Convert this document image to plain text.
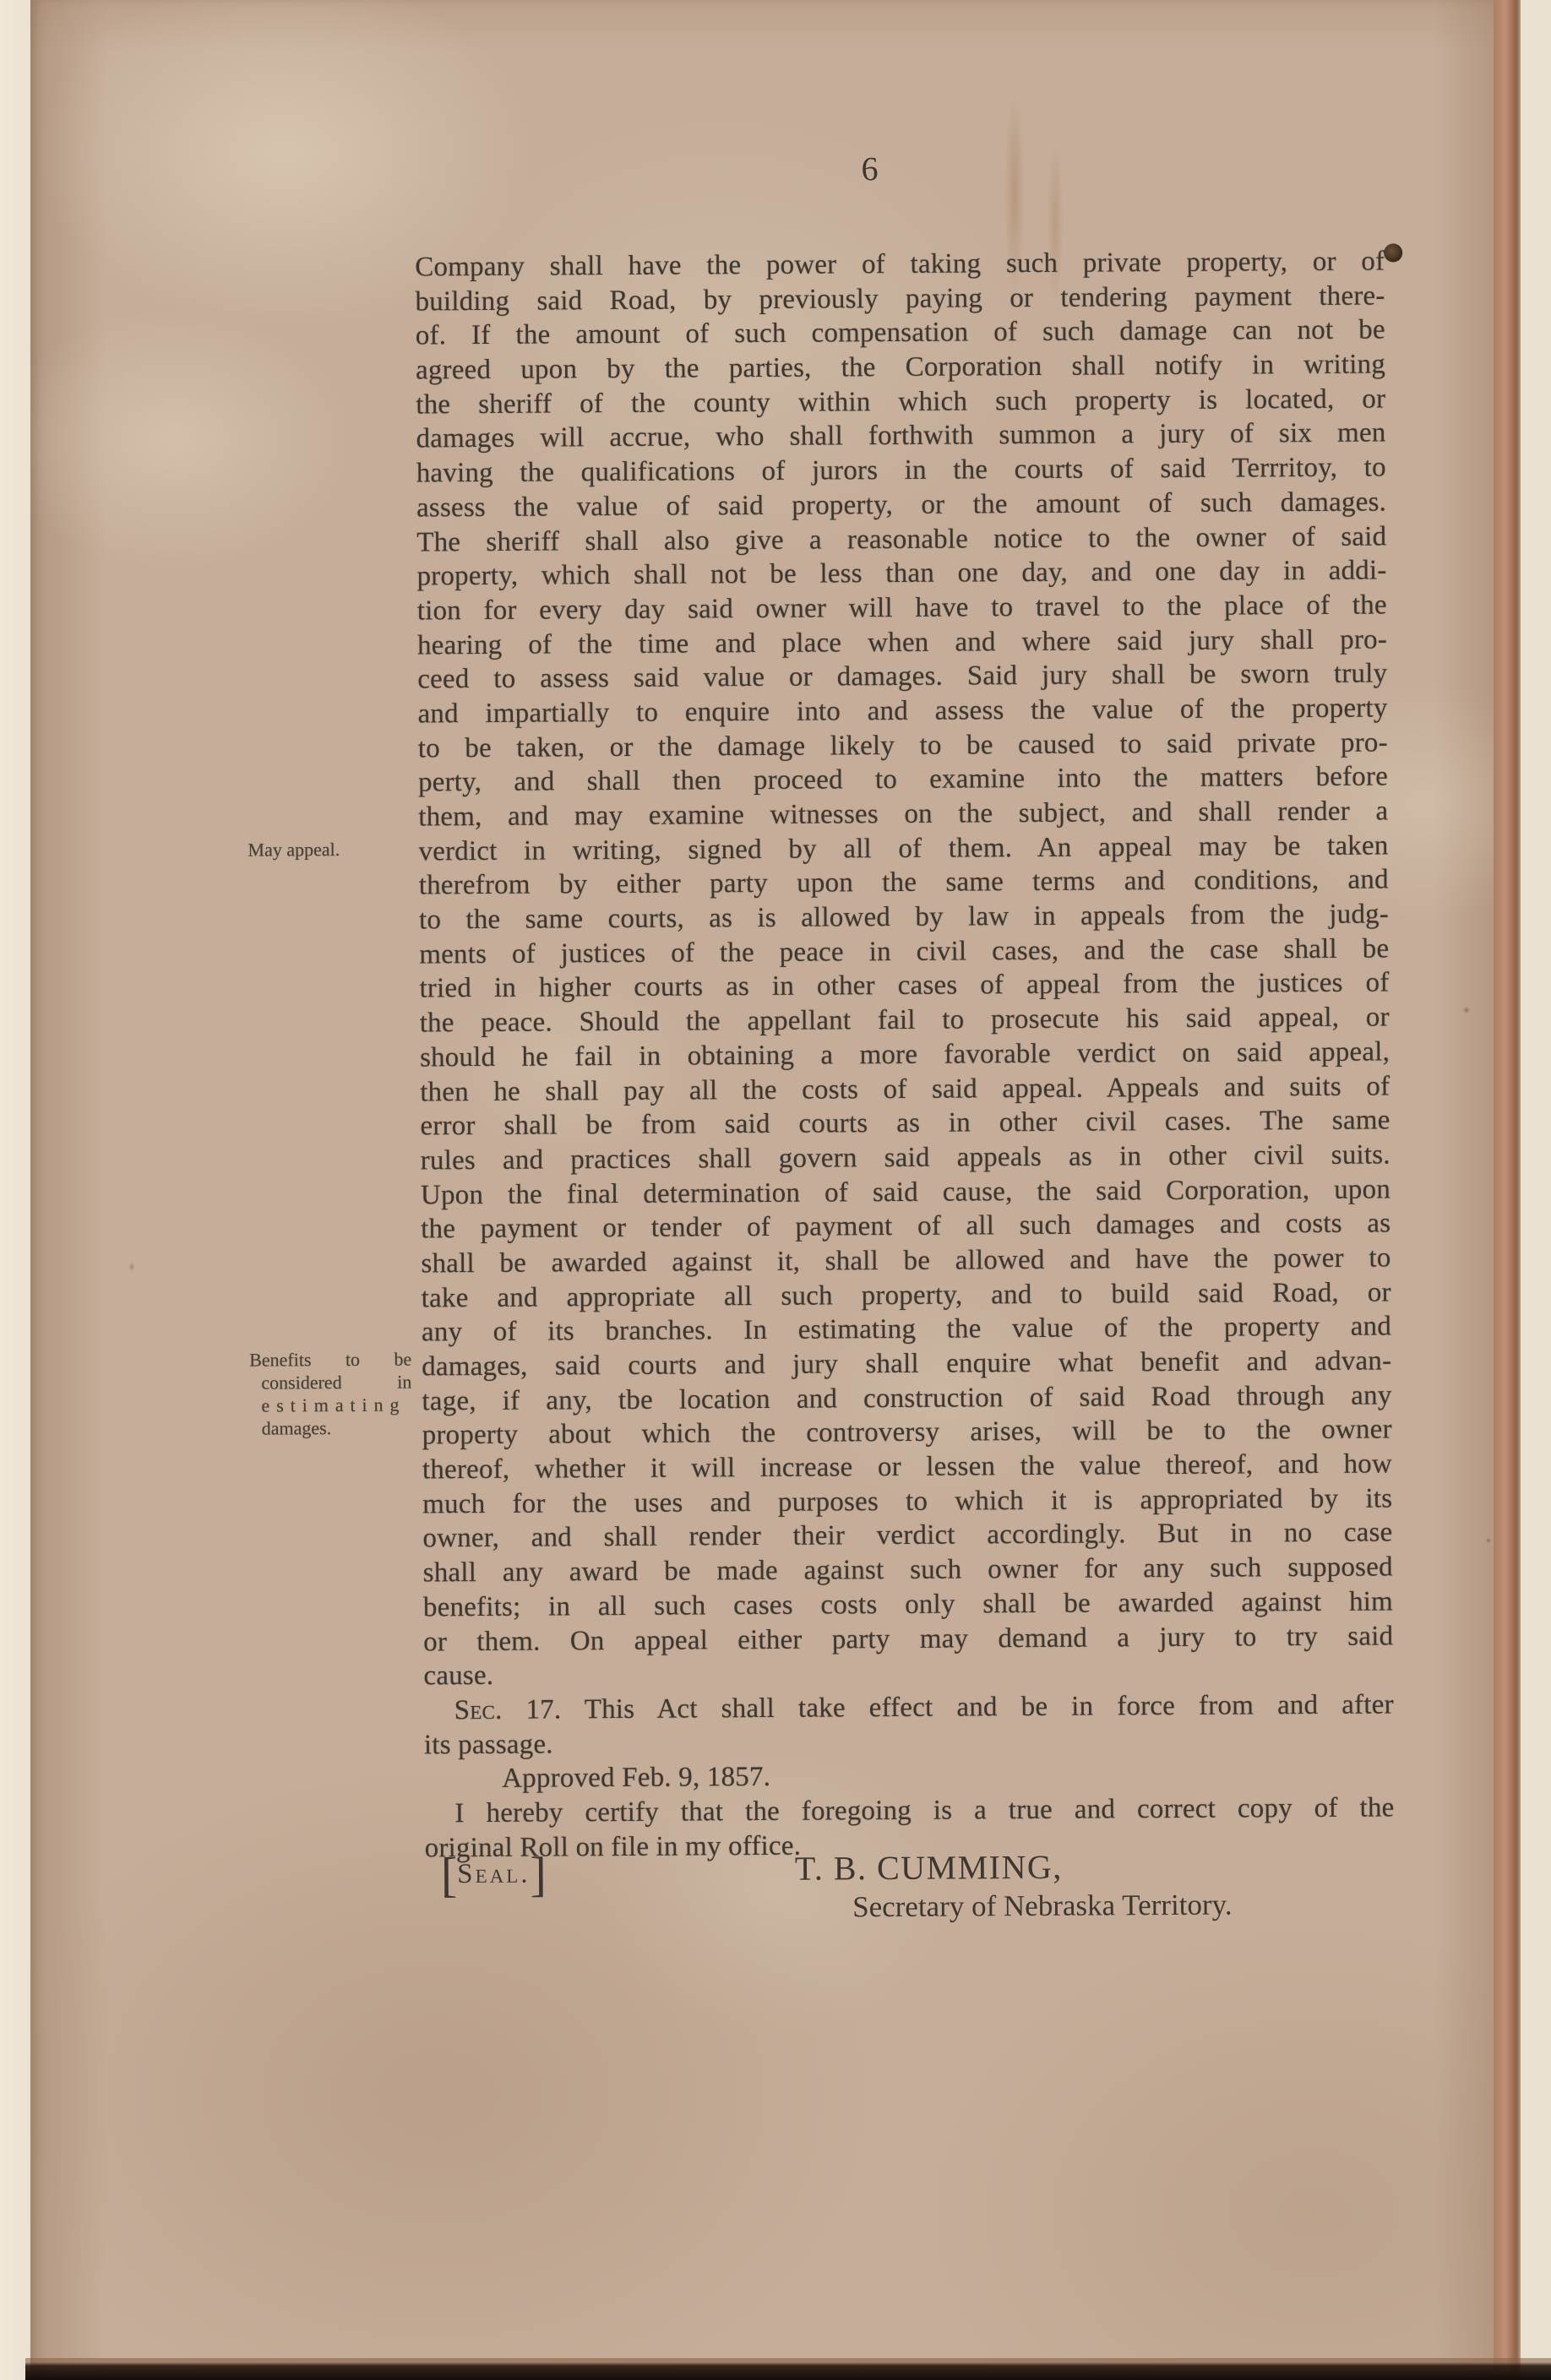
6
Company shall have the power of taking such private property, or of
building said Road, by previously paying or tendering payment there-
of. If the amount of such compensation of such damage can not be
agreed upon by the parties, the Corporation shall notify in writing
the sheriff of the county within which such property is located, or
damages will accrue, who shall forthwith summon a jury of six men
having the qualifications of jurors in the courts of said Terrritoy, to
assess the value of said property, or the amount of such damages.
The sheriff shall also give a reasonable notice to the owner of said
property, which shall not be less than one day, and one day in addi-
tion for every day said owner will have to travel to the place of the
hearing of the time and place when and where said jury shall pro-
ceed to assess said value or damages. Said jury shall be sworn truly
and impartially to enquire into and assess the value of the property
to be taken, or the damage likely to be caused to said private pro-
perty, and shall then proceed to examine into the matters before
them, and may examine witnesses on the subject, and shall render a
verdict in writing, signed by all of them. An appeal may be taken
therefrom by either party upon the same terms and conditions, and
to the same courts, as is allowed by law in appeals from the judg-
ments of justices of the peace in civil cases, and the case shall be
tried in higher courts as in other cases of appeal from the justices of
the peace. Should the appellant fail to prosecute his said appeal, or
should he fail in obtaining a more favorable verdict on said appeal,
then he shall pay all the costs of said appeal. Appeals and suits of
error shall be from said courts as in other civil cases. The same
rules and practices shall govern said appeals as in other civil suits.
Upon the final determination of said cause, the said Corporation, upon
the payment or tender of payment of all such damages and costs as
shall be awarded against it, shall be allowed and have the power to
take and appropriate all such property, and to build said Road, or
any of its branches. In estimating the value of the property and
damages, said courts and jury shall enquire what benefit and advan-
tage, if any, tbe location and construction of said Road through any
property about which the controversy arises, will be to the owner
thereof, whether it will increase or lessen the value thereof, and how
much for the uses and purposes to which it is appropriated by its
owner, and shall render their verdict accordingly. But in no case
shall any award be made against such owner for any such supposed
benefits; in all such cases costs only shall be awarded against him
or them. On appeal either party may demand a jury to try said
cause.
Sec. 17. This Act shall take effect and be in force from and after
its passage.
Approved Feb. 9, 1857.
I hereby certify that the foregoing is a true and correct copy of the
original Roll on file in my office.
May appeal.
Benefits to be
considered in
estimating
damages.
[Seal.]	T. B. CUMMING,
Secretary of Nebraska Territory.
